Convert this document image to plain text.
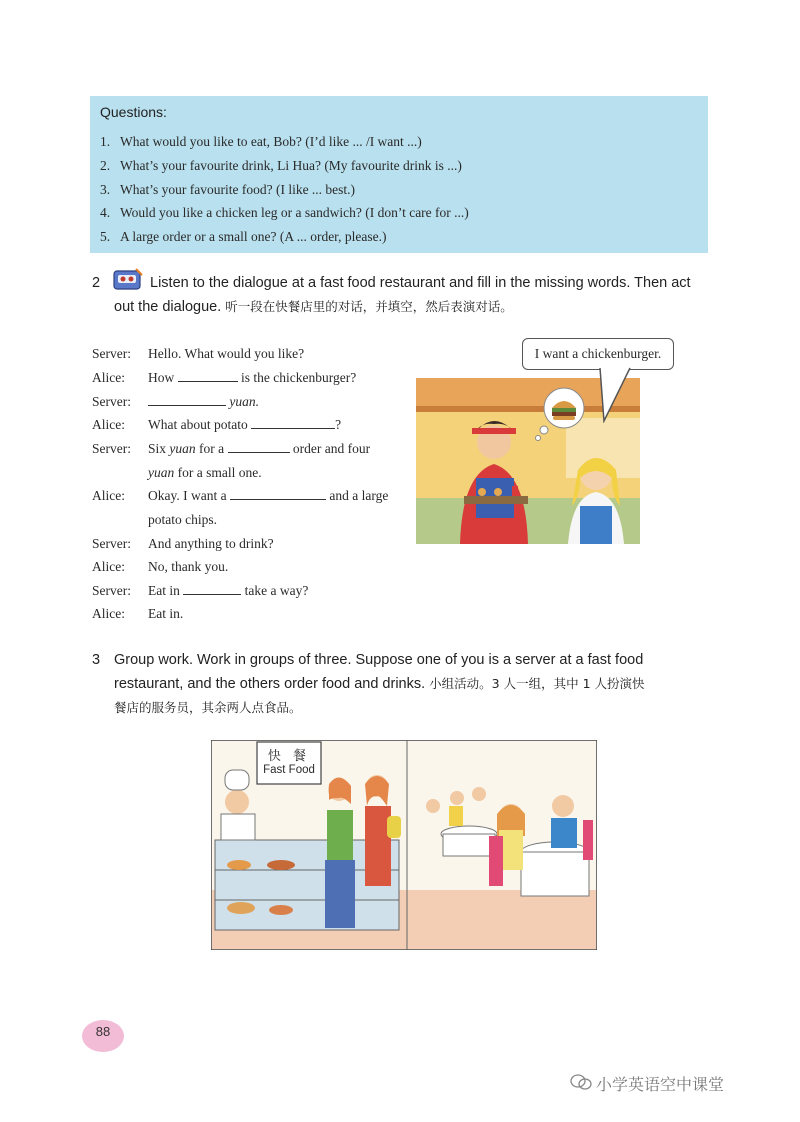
Questions:
1. What would you like to eat, Bob? (I’d like ... /I want ...)
2. What’s your favourite drink, Li Hua? (My favourite drink is ...)
3. What’s your favourite food? (I like ... best.)
4. Would you like a chicken leg or a sandwich? (I don’t care for ...)
5. A large order or a small one? (A ... order, please.)
2	Listen to the dialogue at a fast food restaurant and fill in the missing words. Then act
out the dialogue. 听一段在快餐店里的对话，并填空，然后表演对话。
Server: Hello. What would you like?
Alice: How	is the chickenburger?
Server:	yuan.
Alice: What about potato	?
Server: Six yuan for a	order and four
yuan for a small one.
Alice: Okay. I want a	and a large
potato chips.
Server: And anything to drink?
Alice: No, thank you.
Server: Eat in	take a way?
Alice: Eat in.
I want a chickenburger.
3 Group work. Work in groups of three. Suppose one of you is a server at a fast food
restaurant, and the others order food and drinks. 小组活动。3 人一组，其中 1 人扮演快
餐店的服务员，其余两人点食品。
快 餐
Fast Food
88
小学英语空中课堂
